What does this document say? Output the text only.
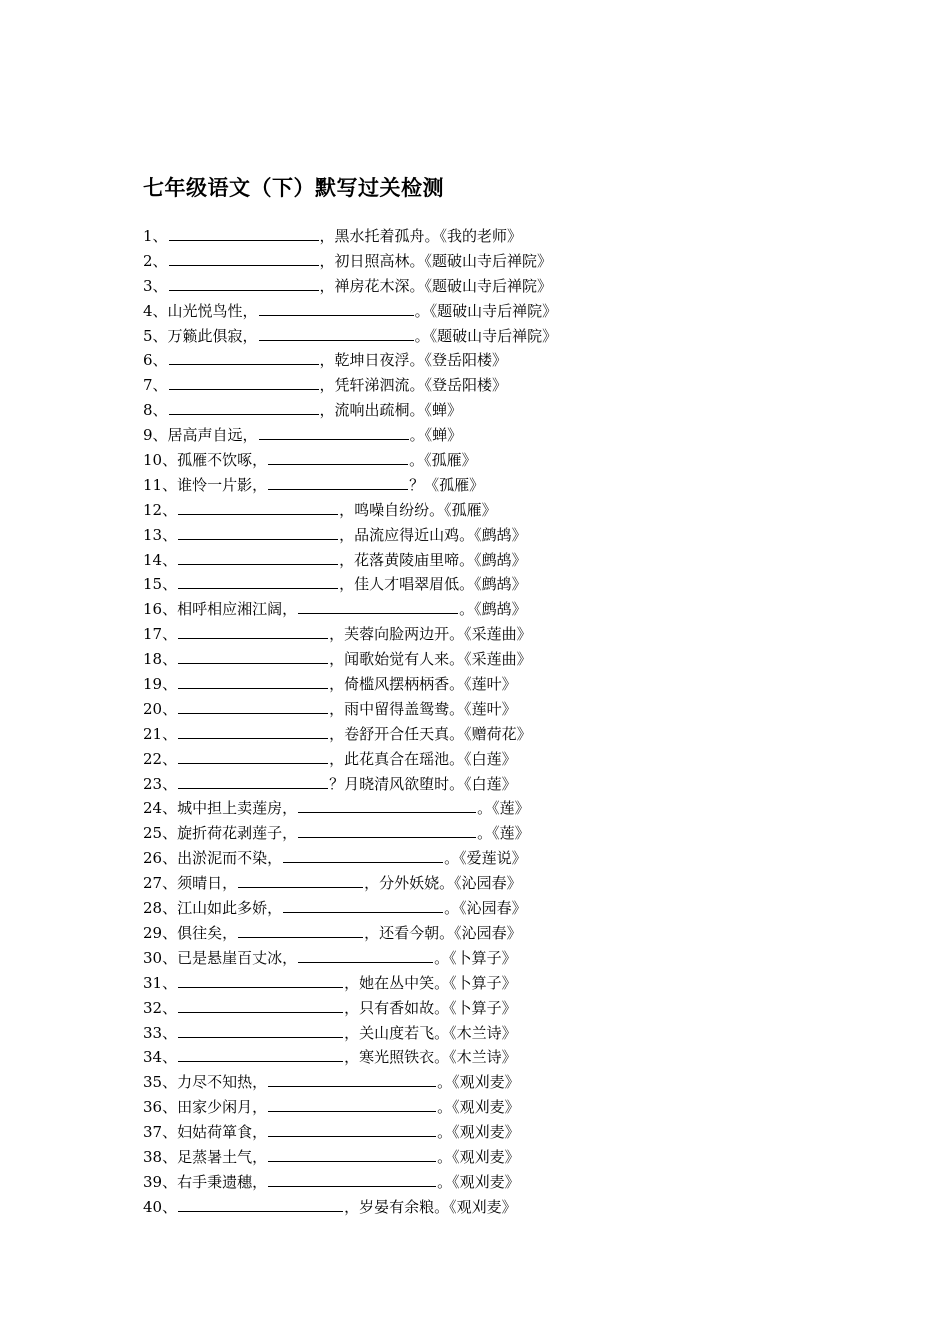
七年级语文（下）默写过关检测
1、	，黑水托着孤舟。《我的老师》
2、	，初日照高林。《题破山寺后禅院》
3、	，禅房花木深。《题破山寺后禅院》
4、山光悦鸟性，	。《题破山寺后禅院》
5、万籁此俱寂，	。《题破山寺后禅院》
6、	，乾坤日夜浮。《登岳阳楼》
7、	，凭轩涕泗流。《登岳阳楼》
8、	，流响出疏桐。《蝉》
9、居高声自远，	。《蝉》
10、孤雁不饮啄，	。《孤雁》
11、谁怜一片影，	？《孤雁》
12、	，鸣噪自纷纷。《孤雁》
13、	，品流应得近山鸡。《鹧鸪》
14、	，花落黄陵庙里啼。《鹧鸪》
15、	，佳人才唱翠眉低。《鹧鸪》
16、相呼相应湘江阔，	。《鹧鸪》
17、	，芙蓉向脸两边开。《采莲曲》
18、	，闻歌始觉有人来。《采莲曲》
19、	，倚槛风摆柄柄香。《莲叶》
20、	，雨中留得盖鸳鸯。《莲叶》
21、	，卷舒开合任天真。《赠荷花》
22、	，此花真合在瑶池。《白莲》
23、	？月晓清风欲堕时。《白莲》
24、城中担上卖莲房，	。《莲》
25、旋折荷花剥莲子，	。《莲》
26、出淤泥而不染，	。《爱莲说》
27、须晴日，	，分外妖娆。《沁园春》
28、江山如此多娇，	。《沁园春》
29、俱往矣，	，还看今朝。《沁园春》
30、已是悬崖百丈冰，	。《卜算子》
31、	，她在丛中笑。《卜算子》
32、	，只有香如故。《卜算子》
33、	，关山度若飞。《木兰诗》
34、	，寒光照铁衣。《木兰诗》
35、力尽不知热，	。《观刈麦》
36、田家少闲月，	。《观刈麦》
37、妇姑荷箪食，	。《观刈麦》
38、足蒸暑土气，	。《观刈麦》
39、右手秉遗穗，	。《观刈麦》
40、	，岁晏有余粮。《观刈麦》
